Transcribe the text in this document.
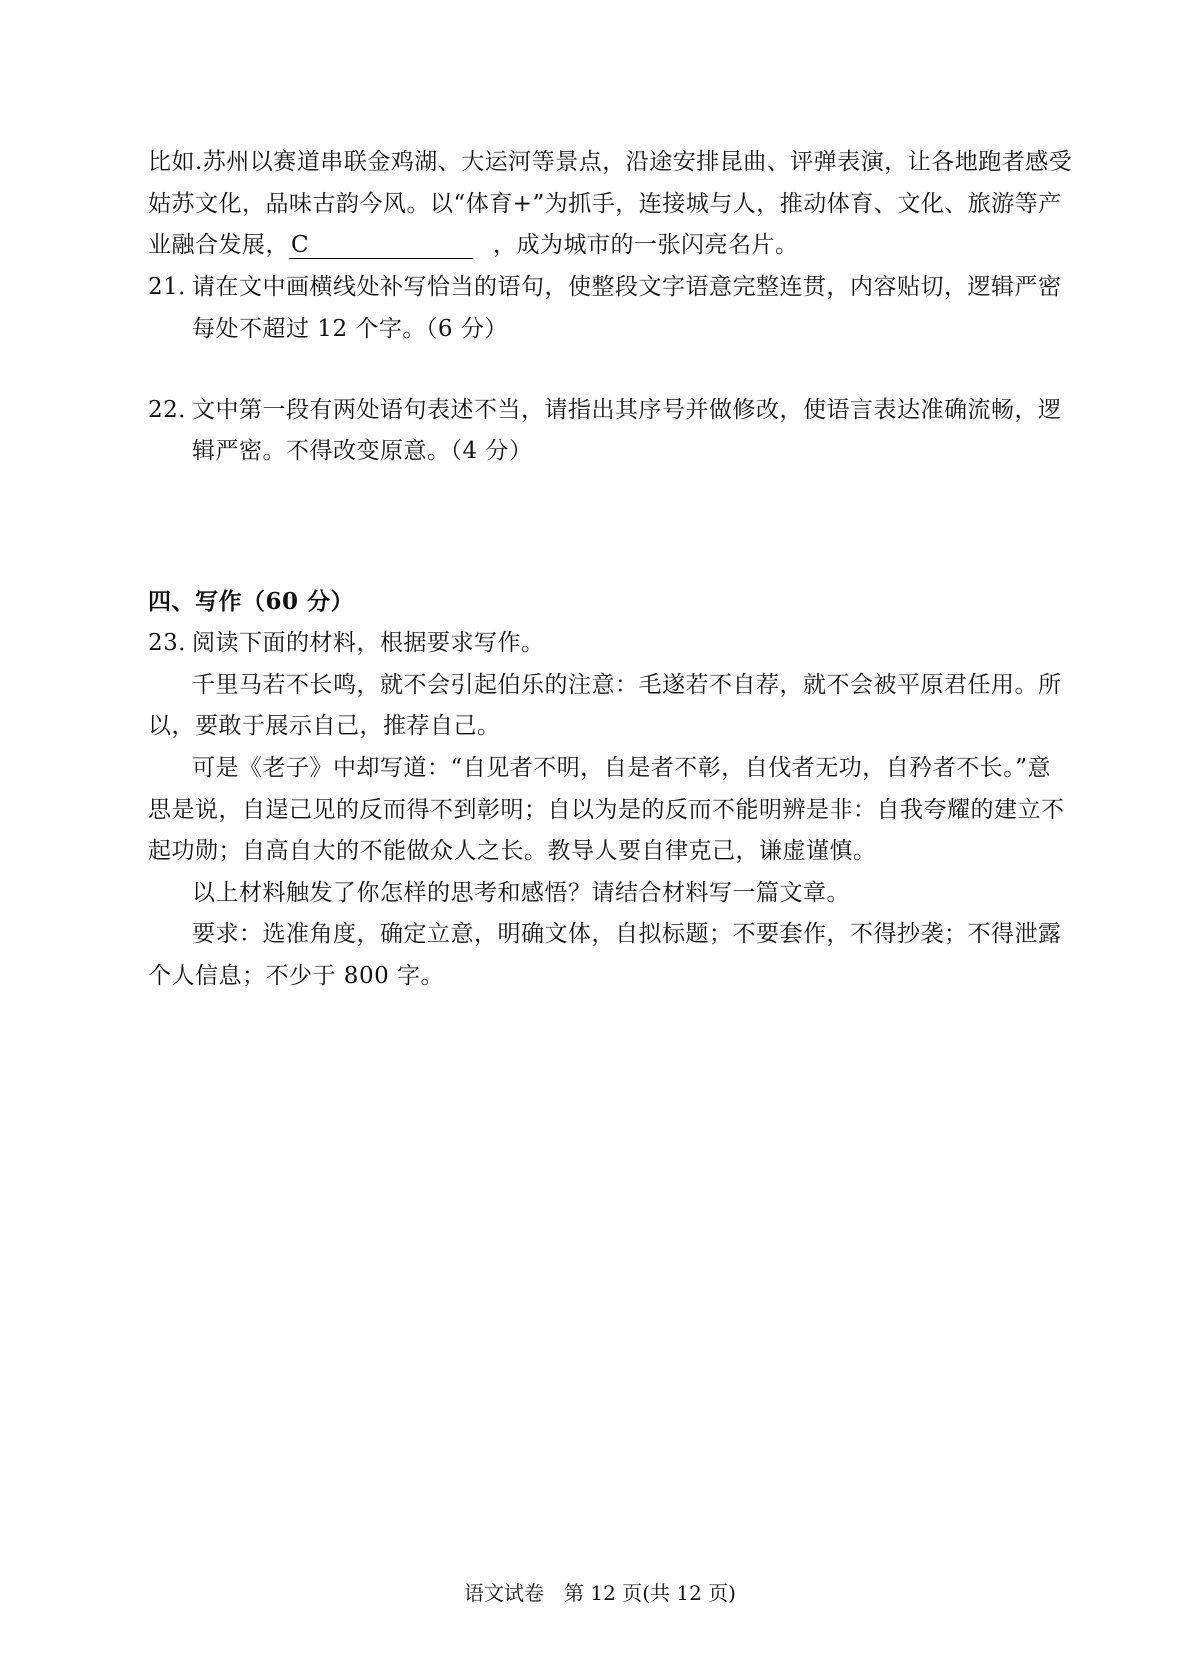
比如.苏州以赛道串联金鸡湖、大运河等景点，沿途安排昆曲、评弹表演，让各地跑者感受
姑苏文化，品味古韵今风。以“体育+”为抓手，连接城与人，推动体育、文化、旅游等产
业融合发展，C	，成为城市的一张闪亮名片。
21．请在文中画横线处补写恰当的语句，使整段文字语意完整连贯，内容贴切，逻辑严密
每处不超过 12 个字。（6 分）
22．文中第一段有两处语句表述不当，请指出其序号并做修改，使语言表达准确流畅，逻
辑严密。不得改变原意。（4 分）
四、写作（60 分）
23．阅读下面的材料，根据要求写作。
千里马若不长鸣，就不会引起伯乐的注意：毛遂若不自荐，就不会被平原君任用。所
以，要敢于展示自己，推荐自己。
可是《老子》中却写道：“自见者不明，自是者不彰，自伐者无功，自矜者不长。”意
思是说，自逞己见的反而得不到彰明；自以为是的反而不能明辨是非：自我夸耀的建立不
起功勋；自高自大的不能做众人之长。教导人要自律克己，谦虚谨慎。
以上材料触发了你怎样的思考和感悟？请结合材料写一篇文章。
要求：选准角度，确定立意，明确文体，自拟标题；不要套作，不得抄袭；不得泄露
个人信息；不少于 800 字。
语文试卷　第 12 页(共 12 页)
